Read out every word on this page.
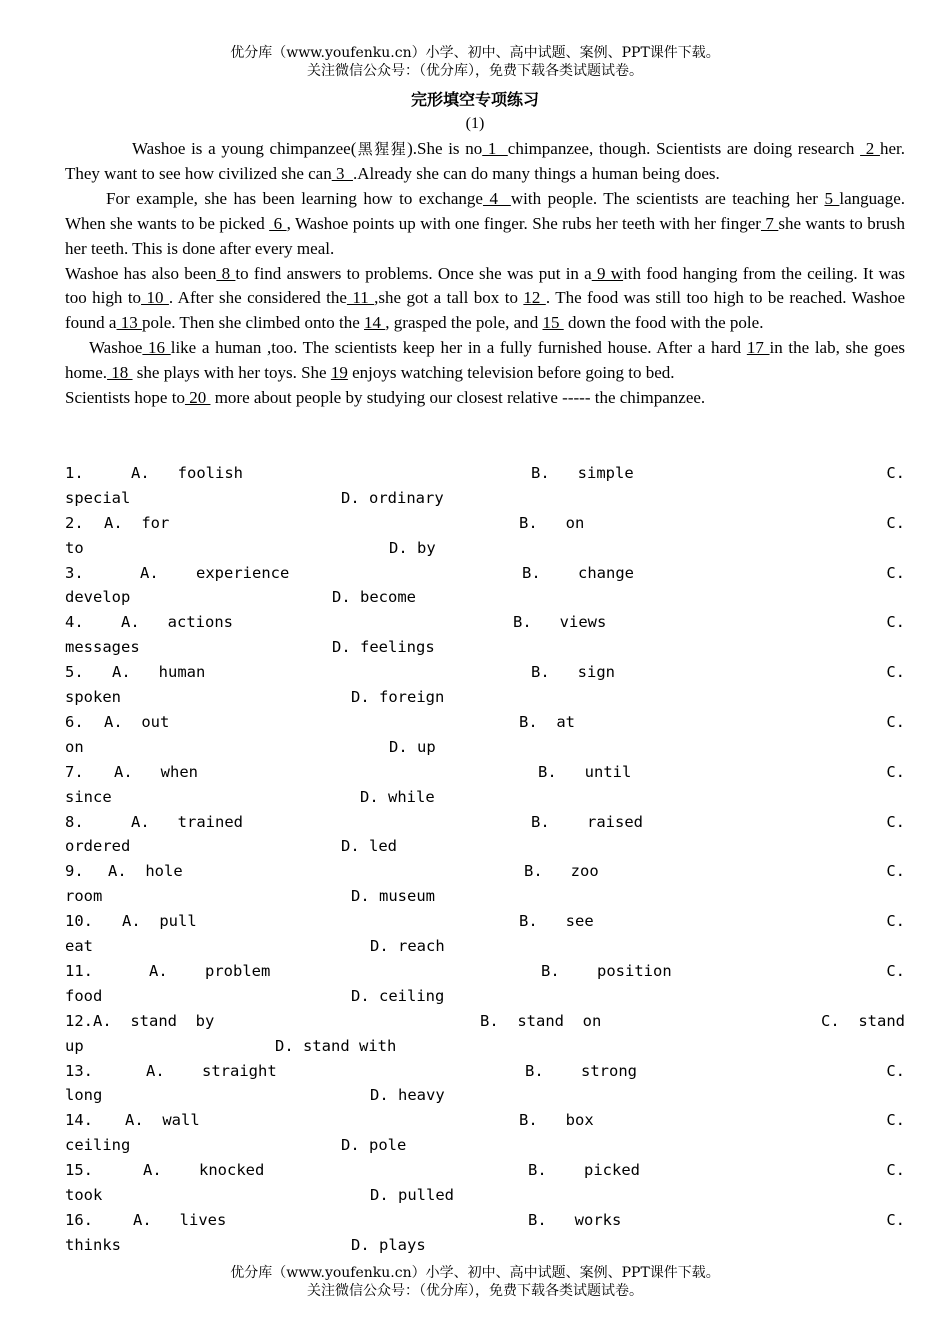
优分库（www.youfenku.cn）小学、初中、高中试题、案例、PPT课件下载。
关注微信公众号：（优分库），免费下载各类试题试卷。
完形填空专项练习
(1)

Washoe is a young chimpanzee(黑猩猩).She is no 1  chimpanzee, though. Scientists are doing research  2 her. They want to see how civilized she can 3  .Already she can do many things a human being does.

For example, she has been learning how to exchange 4  with people. The scientists are teaching her 5 language. When she wants to be picked  6 , Washoe points up with one finger. She rubs her teeth with her finger 7 she wants to brush her teeth. This is done after every meal.

Washoe has also been 8 to find answers to problems. Once she was put in a 9 with food hanging from the ceiling. It was too high to 10 . After she considered the 11 ,she got a tall box to 12 . The food was still too high to be reached. Washoe found a 13 pole. Then she climbed onto the 14 , grasped the pole, and 15  down the food with the pole.

Washoe 16 like a human ,too. The scientists keep her in a fully furnished house. After a hard 17 in the lab, she goes home. 18  she plays with her toys. She 19 enjoys watching television before going to bed.

Scientists hope to 20  more about people by studying our closest relative ----- the chimpanzee.

1.	A.   foolish	B.   simple	C.
special	D. ordinary
2. A.  for	B.   on	C.
to	D. by
3.	A.    experience	B.    change	C.
develop	D. become
4. A.   actions	B.   views	C.
messages	D. feelings
5. A.   human	B.   sign	C.
spoken	D. foreign
6. A.  out	B.  at	C.
on	D. up
7. A.   when	B.   until	C.
since	D. while
8.	A.   trained	B.    raised	C.
ordered	D. led
9. A.  hole	B.   zoo	C.
room	D. museum
10. A.  pull	B.   see	C.
eat	D. reach
11.	A.    problem	B.    position	C.
food	D. ceiling
12. A.  stand  by	B.  stand  on	C.  stand
up	D. stand with
13.	A.    straight	B.    strong	C.
long	D. heavy
14. A.  wall	B.   box	C.
ceiling	D. pole
15.	A.    knocked	B.    picked	C.
took	D. pulled
16.	A.   lives	B.   works	C.
thinks	D. plays
优分库（www.youfenku.cn）小学、初中、高中试题、案例、PPT课件下载。
关注微信公众号：（优分库），免费下载各类试题试卷。
